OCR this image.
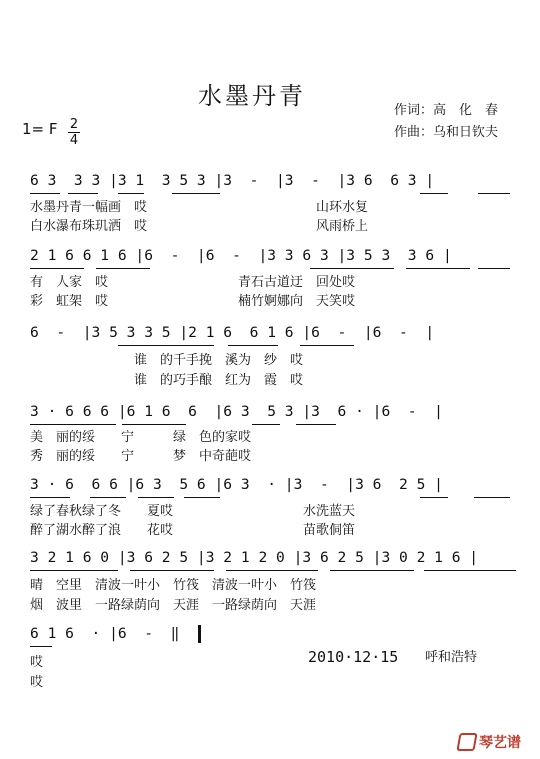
水墨丹青
作词：高　化　春
作曲：乌和日钦夫
1= F $\frac{2}{4}$
6 3  3 3 |3 1  3 5 3 |3  -  |3  -  |3 6  6 3 |
水墨丹青一幅画　哎　　　　　　　　　　　　　山环水复
白水瀑布珠玑洒　哎　　　　　　　　　　　　　风雨桥上
2 1 6 6 1 6 |6  -  |6  -  |3 3 6 3 |3 5 3  3 6 |
有　人家　哎　　　　　　　　　　青石古道迂　回处哎
彩　虹架　哎　　　　　　　　　　楠竹婀娜向　天笑哎
6  -  |3 5 3 3 5 |2 1 6  6 1 6 |6  -  |6  -  |
　　　　　　　　谁　的千手挽　溪为　纱　哎
　　　　　　　　谁　的巧手酿　红为　霞　哎
3 · 6 6 6 |6 1 6  6  |6 3  5 3 |3  6 · |6  -  |
美　丽的绥　　宁　　　绿　色的家哎
秀　丽的绥　　宁　　　梦　中奇葩哎
3 · 6  6 6 |6 3  5 6 |6 3  · |3  -  |3 6  2 5 |
绿了春秋绿了冬　　夏哎　　　　　　　　　　水洗蓝天
醉了湖水醉了浪　　花哎　　　　　　　　　　苗歌侗笛
3 2 1 6 0 |3 6 2 5 |3 2 1 2 0 |3 6 2 5 |3 0 2 1 6 |
晴　空里　清波一叶小　竹筏　清波一叶小　竹筏
烟　波里　一路绿荫向　天涯　一路绿荫向　天涯
6 1 6  · |6  -  ‖
哎
哎
2010·12·15 呼和浩特
琴艺谱
